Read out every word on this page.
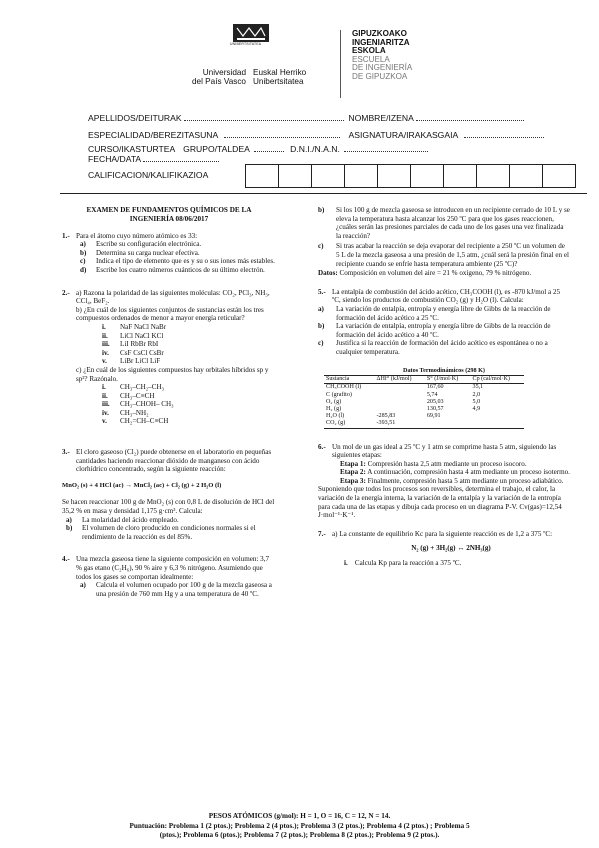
UNIBERTSITATEA
Universidad
del País Vasco
Euskal Herriko
Unibertsitatea
GIPUZKOAKO
INGENIARITZA
ESKOLA
ESCUELA
DE INGENIERÍA
DE GIPUZKOA
APELLIDOS/DEITURAK	NOMBRE/IZENA
ESPECIALIDAD/BEREZITASUNA	ASIGNATURA/IRAKASGAIA
CURSO/IKASTURTEA GRUPO/TALDEA	D.N.I./N.A.N.
FECHA/DATA
CALIFICACION/KALIFIKAZIOA

EXAMEN DE FUNDAMENTOS QUÍMICOS DE LA

INGENIERÍA 08/06/2017

1.- Para el átomo cuyo número atómico es 33:

a) Escribe su configuración electrónica.
b) Determina su carga nuclear efectiva.
c) Indica el tipo de elemento que es y su o sus iones más estables.
d) Escribe los cuatro números cuánticos de su último electrón.
2.- a) Razona la polaridad de las siguientes moléculas: CO₂, PCl₃, NH₃, CCl₄, BeF₂.

b) ¿En cuál de los siguientes conjuntos de sustancias están los tres compuestos ordenados de menor a mayor energía reticular?

i. NaF NaCl NaBr
ii. LiCl NaCl KCl
iii. LiI RbBr RbI
iv. CsF CsCl CsBr
v. LiBr LiCl LiF

c) ¿En cuál de los siguientes compuestos hay orbitales híbridos sp y sp²? Razónalo.

i. CH₃–CH₂–CH₃
ii. CH₃–C≡CH
iii. CH₃–CHOH– CH₃
iv. CH₃–NH₂
v. CH₂=CH–C≡CH
3.- El cloro gaseoso (Cl₂) puede obtenerse en el laboratorio en pequeñas cantidades haciendo reaccionar dióxido de manganeso con ácido clorhídrico concentrado, según la siguiente reacción:

MnO₂ (s) + 4 HCl (ac) → MnCl₂ (ac) + Cl₂ (g) + 2 H₂O (l)

Se hacen reaccionar 100 g de MnO₂ (s) con 0,8 L de disolución de HCl del 35,2 % en masa y densidad 1,175 g·cm³. Calcula:

a) La molaridad del ácido empleado.
b) El volumen de cloro producido en condiciones normales si el rendimiento de la reacción es del 85%.
4.- Una mezcla gaseosa tiene la siguiente composición en volumen: 3,7 % gas etano (C₂H₆), 90 % aire y 6,3 % nitrógeno. Asumiendo que todos los gases se comportan idealmente:

a) Calcula el volumen ocupado por 100 g de la mezcla gaseosa a una presión de 760 mm Hg y a una temperatura de 40 ºC.
b) Si los 100 g de mezcla gaseosa se introducen en un recipiente cerrado de 10 L y se eleva la temperatura hasta alcanzar los 250 ºC para que los gases reaccionen, ¿cuáles serán las presiones parciales de cada uno de los gases una vez finalizada la reacción?
c) Si tras acabar la reacción se deja evaporar del recipiente a 250 ºC un volumen de 5 L de la mezcla gaseosa a una presión de 1,5 atm, ¿cuál será la presión final en el recipiente cuando se enfríe hasta temperatura ambiente (25 ºC)?

Datos: Composición en volumen del aire = 21 % oxígeno, 79 % nitrógeno.

5.- La entalpía de combustión del ácido acético, CH₃COOH (l), es -870 kJ/mol a 25 ºC, siendo los productos de combustión CO₂ (g) y H₂O (l). Calcula:

a) La variación de entalpía, entropía y energía libre de Gibbs de la reacción de formación del ácido acético a 25 ºC.
b) La variación de entalpía, entropía y energía libre de Gibbs de la reacción de formación del ácido acético a 40 ºC.
c) Justifica si la reacción de formación del ácido acético es espontánea o no a cualquier temperatura.

Datos Termodinámicos (298 K)

Sustancia	ΔHf° (kJ/mol)	S° (J/mol·K)	Cp (cal/mol·K)
CH₃COOH (l)		167,60	35,1
C (grafito)		5,74	2,0
O₂ (g)		205,03	5,0
H₂ (g)		130,57	4,9
H₂O (l)	-285,83	69,91	
CO₂ (g)	-393,51		
6.- Un mol de un gas ideal a 25 ºC y 1 atm se comprime hasta 5 atm, siguiendo las siguientes etapas:

Etapa 1: Compresión hasta 2,5 atm mediante un proceso isocoro.

Etapa 2: A continuación, compresión hasta 4 atm mediante un proceso isotermo.

Etapa 3: Finalmente, compresión hasta 5 atm mediante un proceso adiabático.

Suponiendo que todos los procesos son reversibles, determina el trabajo, el calor, la variación de la energía interna, la variación de la entalpía y la variación de la entropía para cada una de las etapas y dibuja cada proceso en un diagrama P-V. Cv(gas)=12,54 J·mol⁻¹·K⁻¹.

7.- a) La constante de equilibrio Kc para la siguiente reacción es de 1,2 a 375 ºC:

N₂ (g) + 3H₂(g) ↔ 2NH₃(g)

i. Calcula Kp para la reacción a 375 ºC.

PESOS ATÓMICOS (g/mol): H = 1, O = 16, C = 12, N = 14.
Puntuación: Problema 1 (2 ptos.); Problema 2 (4 ptos.); Problema 3 (2 ptos.); Problema 4 (2 ptos.) ; Problema 5
(ptos.); Problema 6 (ptos.); Problema 7 (2 ptos.); Problema 8 (2 ptos.); Problema 9 (2 ptos.).
